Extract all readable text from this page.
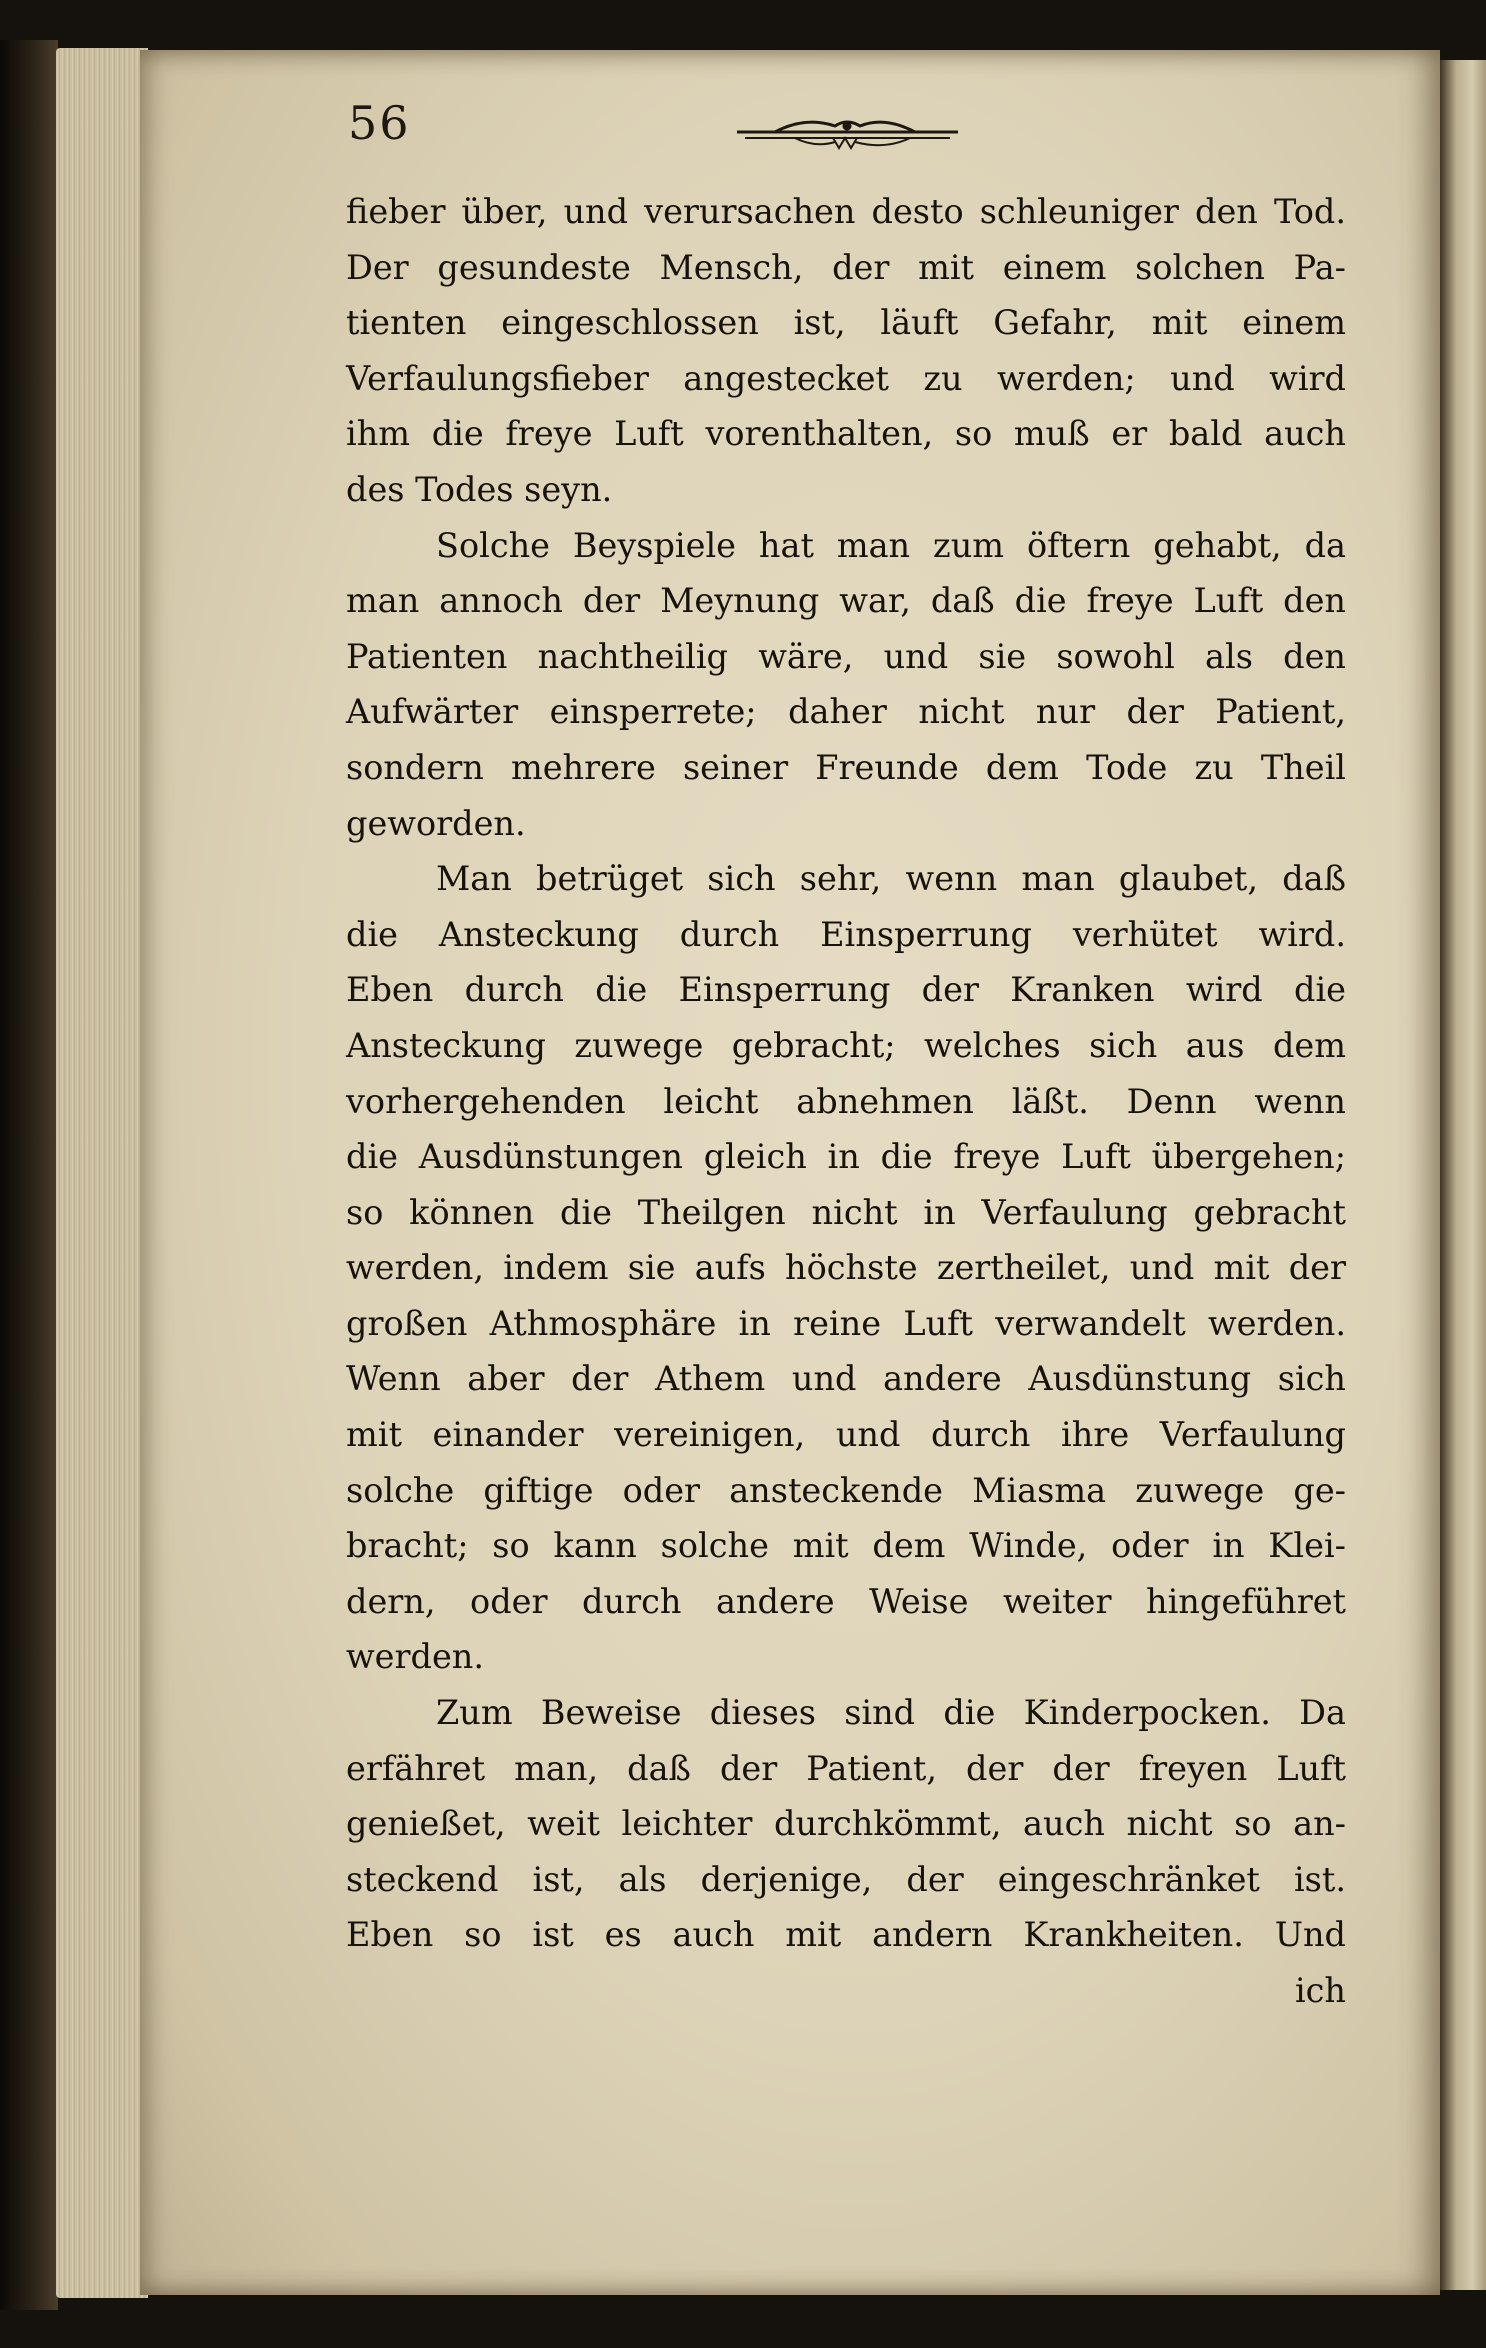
56
fieber über, und verursachen desto schleuniger den Tod.
Der gesundeste Mensch, der mit einem solchen Pa-
tienten eingeschlossen ist, läuft Gefahr, mit einem
Verfaulungsfieber angestecket zu werden; und wird
ihm die freye Luft vorenthalten, so muß er bald auch
des Todes seyn.
Solche Beyspiele hat man zum öftern gehabt, da
man annoch der Meynung war, daß die freye Luft den
Patienten nachtheilig wäre, und sie sowohl als den
Aufwärter einsperrete; daher nicht nur der Patient,
sondern mehrere seiner Freunde dem Tode zu Theil
geworden.
Man betrüget sich sehr, wenn man glaubet, daß
die Ansteckung durch Einsperrung verhütet wird.
Eben durch die Einsperrung der Kranken wird die
Ansteckung zuwege gebracht; welches sich aus dem
vorhergehenden leicht abnehmen läßt. Denn wenn
die Ausdünstungen gleich in die freye Luft übergehen;
so können die Theilgen nicht in Verfaulung gebracht
werden, indem sie aufs höchste zertheilet, und mit der
großen Athmosphäre in reine Luft verwandelt werden.
Wenn aber der Athem und andere Ausdünstung sich
mit einander vereinigen, und durch ihre Verfaulung
solche giftige oder ansteckende Miasma zuwege ge-
bracht; so kann solche mit dem Winde, oder in Klei-
dern, oder durch andere Weise weiter hingeführet
werden.
Zum Beweise dieses sind die Kinderpocken. Da
erfähret man, daß der Patient, der der freyen Luft
genießet, weit leichter durchkömmt, auch nicht so an-
steckend ist, als derjenige, der eingeschränket ist.
Eben so ist es auch mit andern Krankheiten. Und
ich
